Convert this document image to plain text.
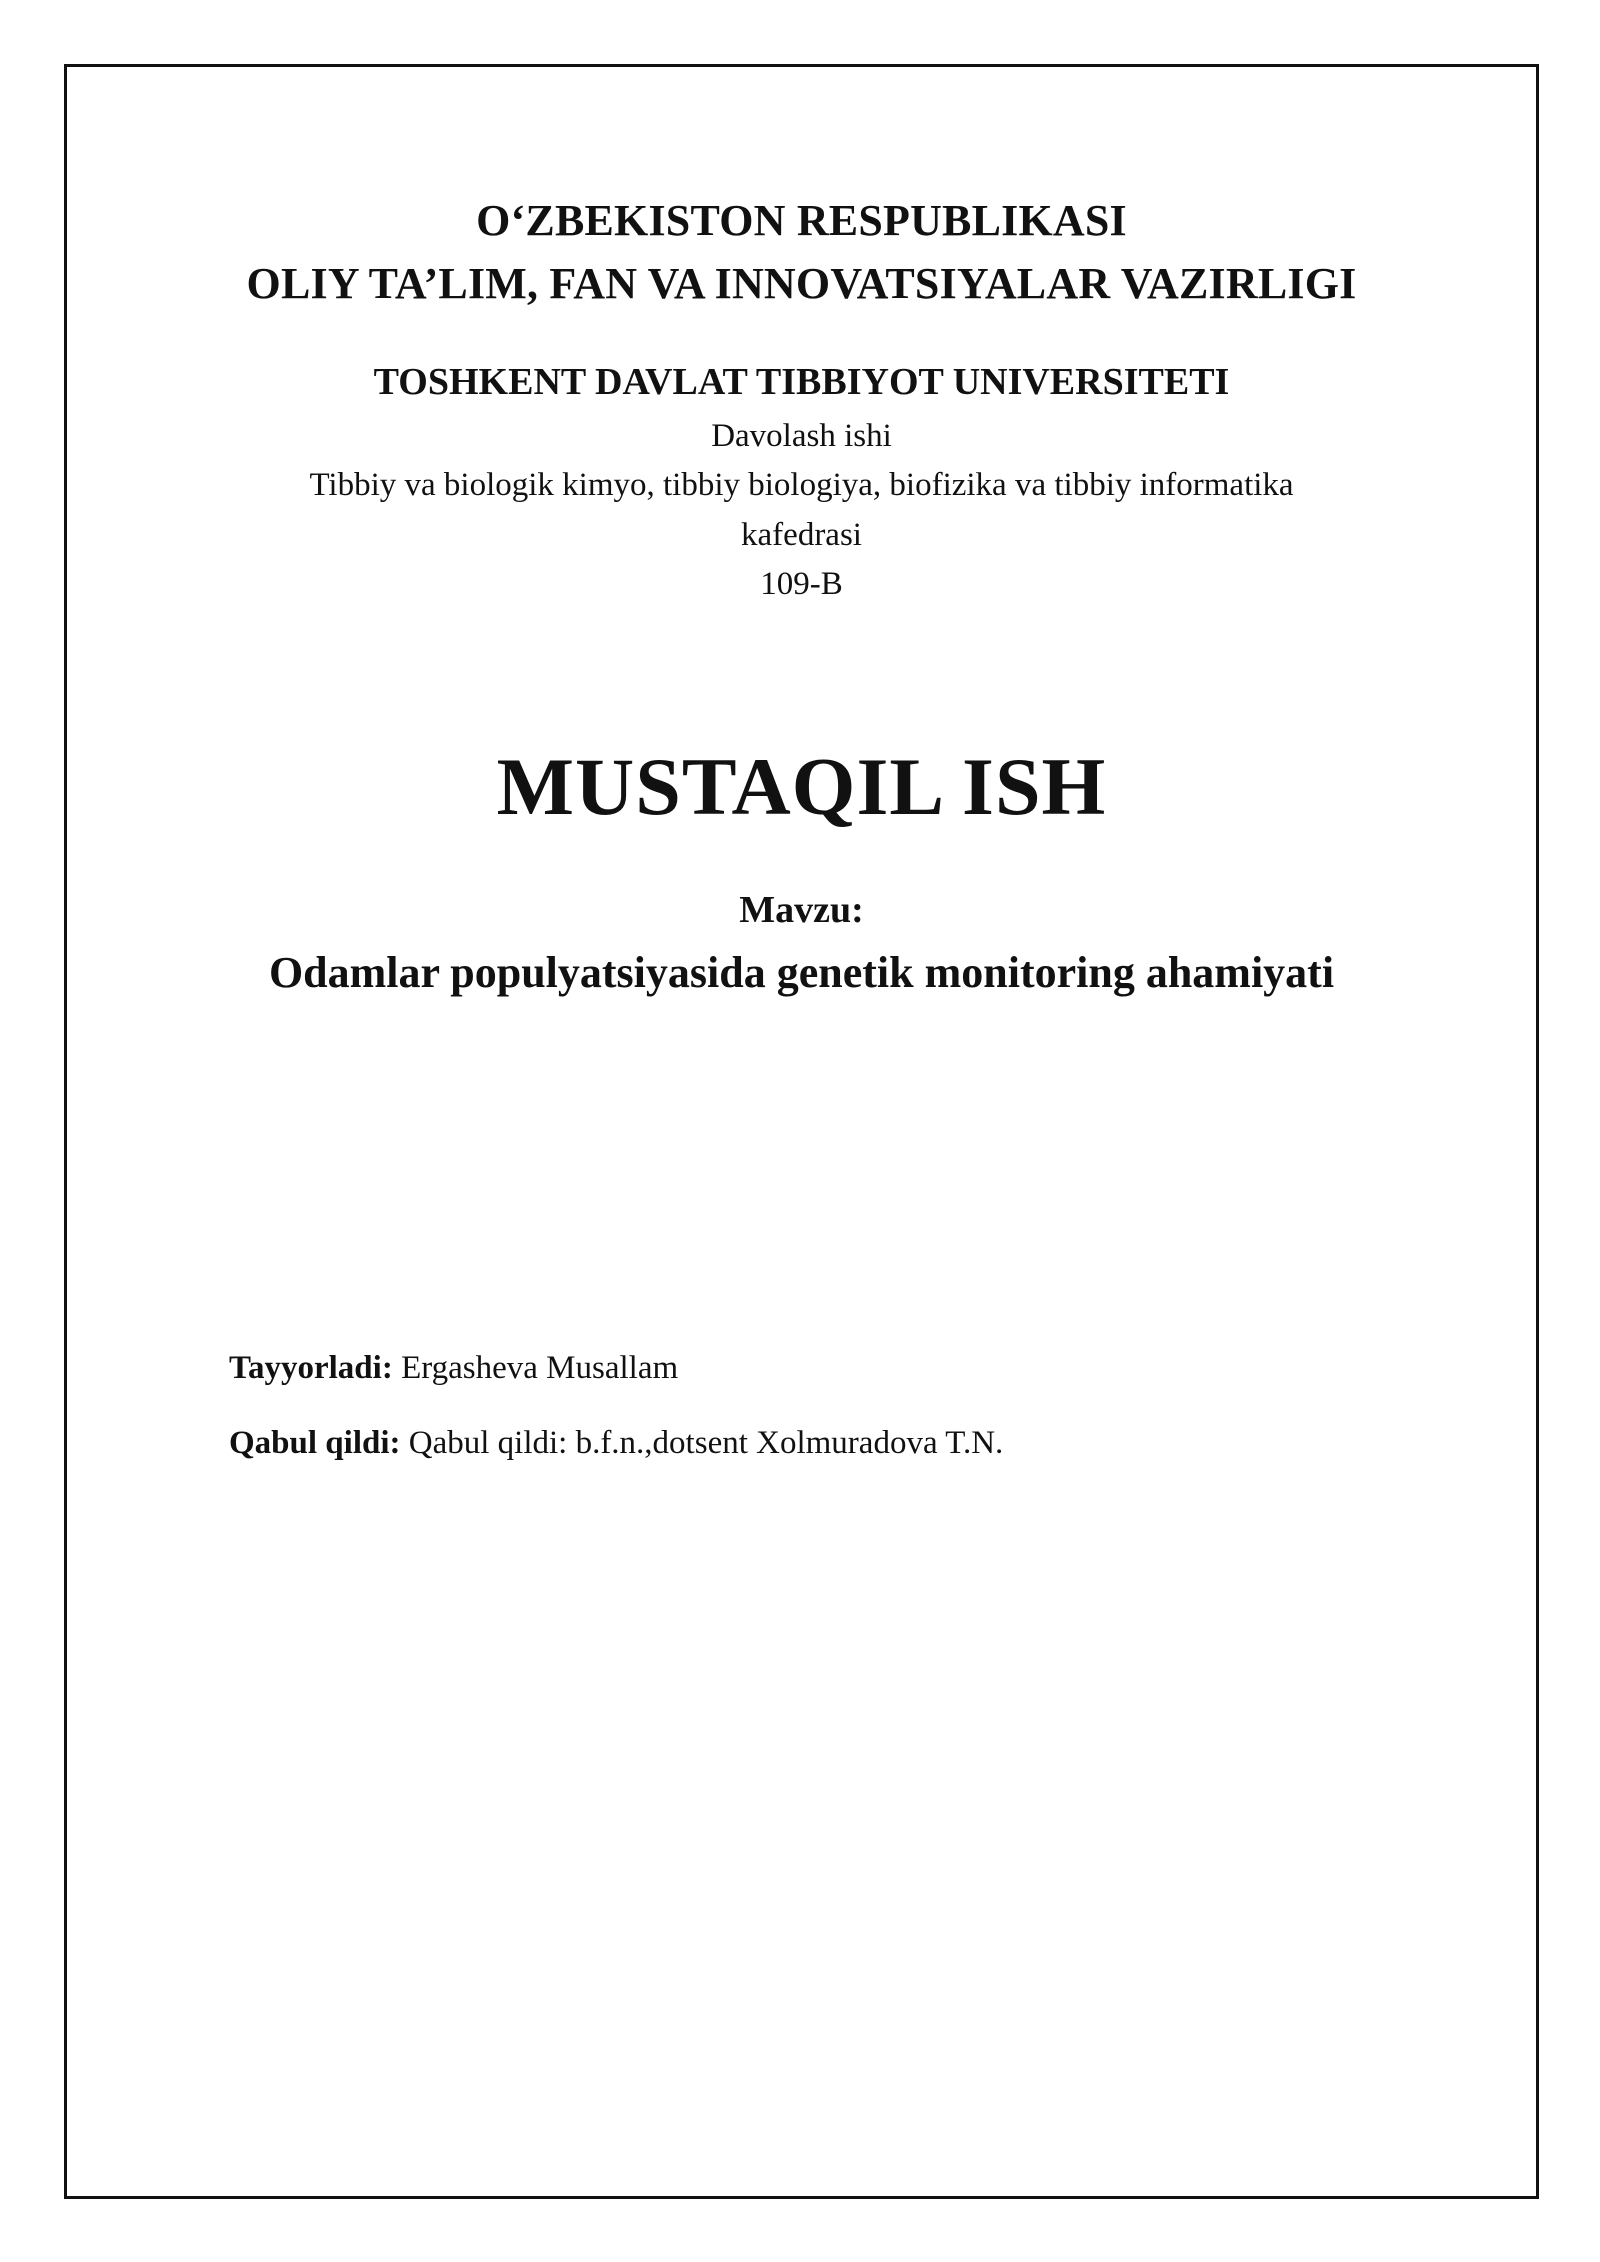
O‘ZBEKISTON RESPUBLIKASI
OLIY TA’LIM, FAN VA INNOVATSIYALAR VAZIRLIGI
TOSHKENT DAVLAT TIBBIYOT UNIVERSITETI
Davolash ishi
Tibbiy va biologik kimyo, tibbiy biologiya, biofizika va tibbiy informatika
kafedrasi
109-B
MUSTAQIL ISH
Mavzu:
Odamlar populyatsiyasida genetik monitoring ahamiyati
Tayyorladi: Ergasheva Musallam
Qabul qildi: Qabul qildi: b.f.n.,dotsent Xolmuradova T.N.
